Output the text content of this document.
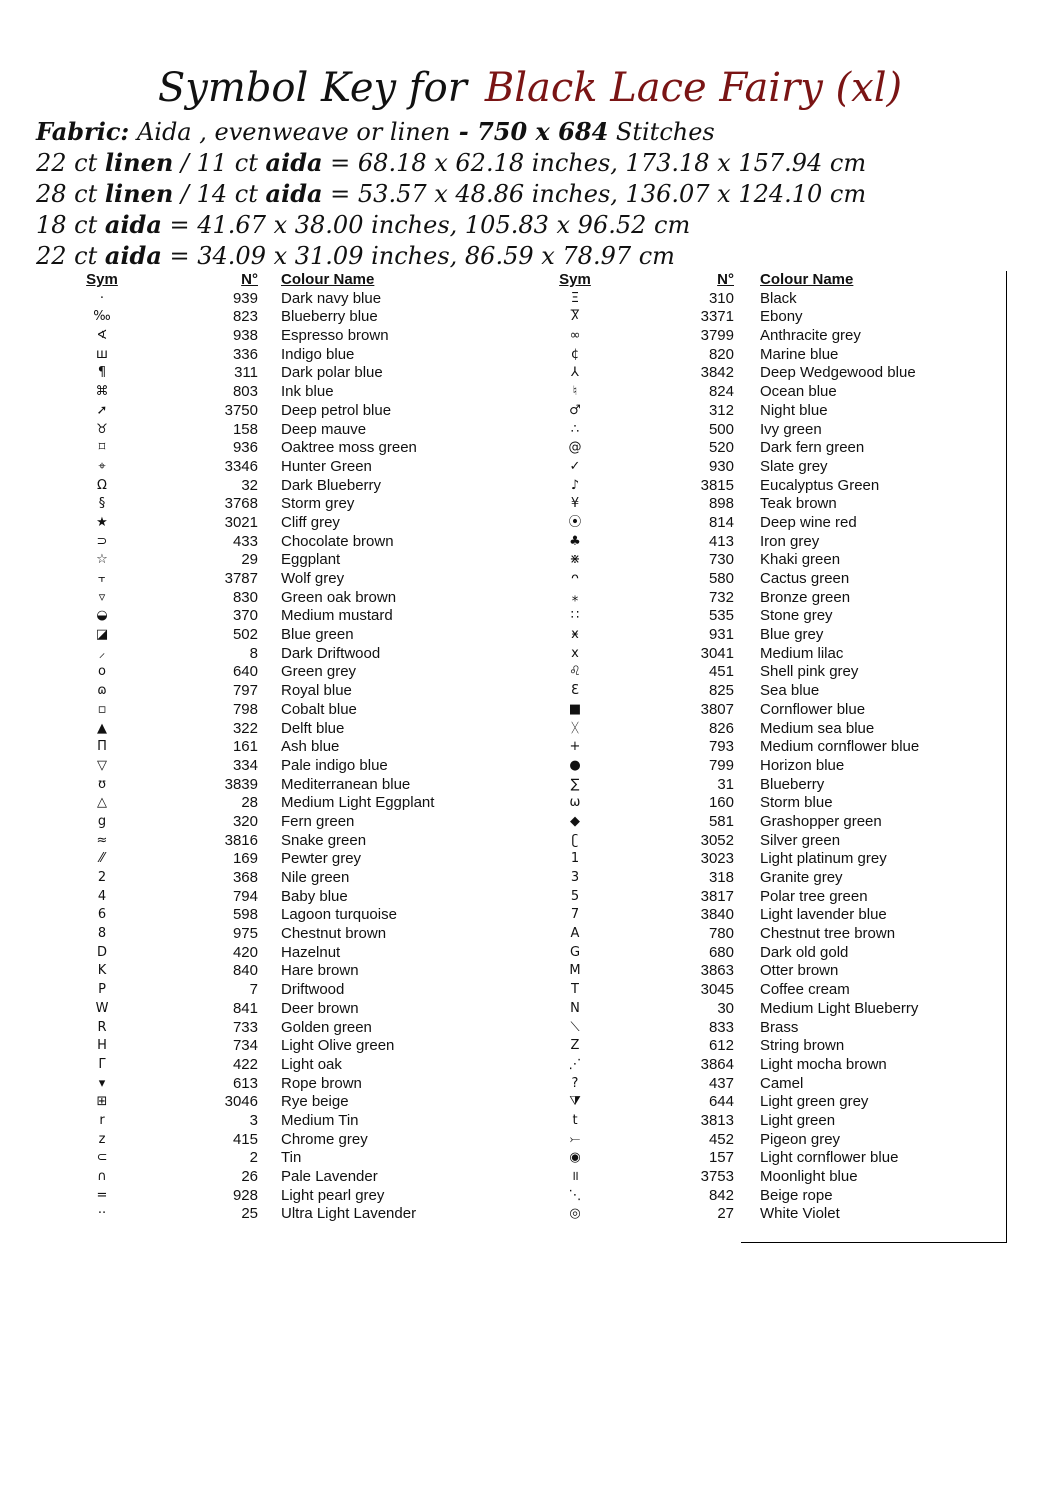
Symbol Key for Black Lace Fairy (xl)
Fabric: Aida , evenweave or linen - 750 x 684 Stitches
22 ct linen / 11 ct aida = 68.18 x 62.18 inches, 173.18 x 157.94 cm
28 ct linen / 14 ct aida = 53.57 x 48.86 inches, 136.07 x 124.10 cm
18 ct aida = 41.67 x 38.00 inches, 105.83 x 96.52 cm
22 ct aida = 34.09 x 31.09 inches, 86.59 x 78.97 cm
Sym	N° Colour Name
·	939 Dark navy blue
‰	823 Blueberry blue
∢	938 Espresso brown
ш	336 Indigo blue
¶	311 Dark polar blue
⌘	803 Ink blue
➚	3750 Deep petrol blue
♉	158 Deep mauve
⌑	936 Oaktree moss green
⌖	3346 Hunter Green
Ω	32 Dark Blueberry
§	3768 Storm grey
★	3021 Cliff grey
⊃	433 Chocolate brown
☆	29 Eggplant
⫟	3787 Wolf grey
▿	830 Green oak brown
◒	370 Medium mustard
◪	502 Blue green
⸝	8 Dark Driftwood
o	640 Green grey
ɷ	797 Royal blue
▫	798 Cobalt blue
▲	322 Delft blue
Π	161 Ash blue
▽	334 Pale indigo blue
ʊ	3839 Mediterranean blue
△	28 Medium Light Eggplant
g	320 Fern green
≈	3816 Snake green
⁄⁄	169 Pewter grey
2	368 Nile green
4	794 Baby blue
6	598 Lagoon turquoise
8	975 Chestnut brown
D	420 Hazelnut
K	840 Hare brown
P	7 Driftwood
W	841 Deer brown
R	733 Golden green
H	734 Light Olive green
Γ	422 Light oak
▾	613 Rope brown
⊞	3046 Rye beige
r	3 Medium Tin
z	415 Chrome grey
⊂	2 Tin
∩	26 Pale Lavender
=	928 Light pearl grey
··	25 Ultra Light Lavender
Sym	N° Colour Name
Ξ	310 Black
Ⴟ	3371 Ebony
∞	3799 Anthracite grey
¢	820 Marine blue
⅄	3842 Deep Wedgewood blue
♮	824 Ocean blue
♂	312 Night blue
∴	500 Ivy green
@	520 Dark fern green
✓	930 Slate grey
♪	3815 Eucalyptus Green
¥	898 Teak brown
⦿	814 Deep wine red
♣	413 Iron grey
⋇	730 Khaki green
ᴖ	580 Cactus green
⁎	732 Bronze green
∷	535 Stone grey
ӿ	931 Blue grey
x	3041 Medium lilac
♌	451 Shell pink grey
Ɛ	825 Sea blue
■	3807 Cornflower blue
ᚷ	826 Medium sea blue
+	793 Medium cornflower blue
●	799 Horizon blue
∑	31 Blueberry
ω	160 Storm blue
◆	581 Grashopper green
ʗ	3052 Silver green
1	3023 Light platinum grey
3	318 Granite grey
5	3817 Polar tree green
7	3840 Light lavender blue
A	780 Chestnut tree brown
G	680 Dark old gold
M	3863 Otter brown
T	3045 Coffee cream
N	30 Medium Light Blueberry
⟍	833 Brass
Z	612 String brown
⋰	3864 Light mocha brown
?	437 Camel
⧩	644 Light green grey
t	3813 Light green
⤚	452 Pigeon grey
◉	157 Light cornflower blue
॥	3753 Moonlight blue
⋱	842 Beige rope
◎	27 White Violet
